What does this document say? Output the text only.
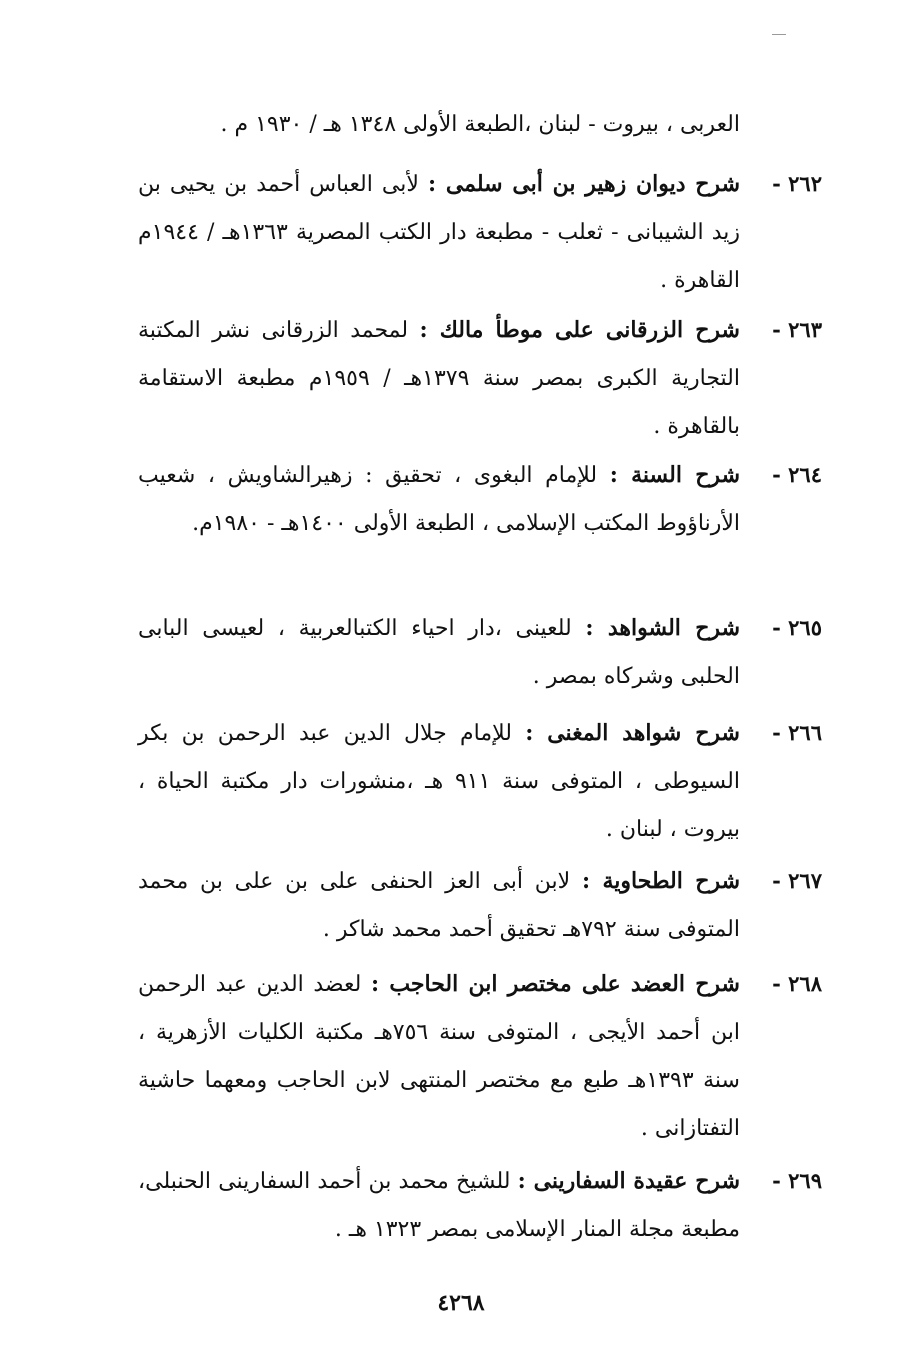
العربى ، بيروت - لبنان ،الطبعة الأولى ١٣٤٨ هـ / ١٩٣٠ م .
٢٦٢ -
شرح ديوان زهير بن أبى سلمى : لأبى العباس أحمد بن يحيى بن زيد الشيبانى - ثعلب - مطبعة دار الكتب المصرية ١٣٦٣هـ / ١٩٤٤م القاهرة .
٢٦٣ -
شرح الزرقانى على موطأ مالك : لمحمد الزرقانى نشر المكتبة التجارية الكبرى بمصر سنة ١٣٧٩هـ / ١٩٥٩م مطبعة الاستقامة بالقاهرة .
٢٦٤ -
شرح السنة : للإمام البغوى ، تحقيق : زهيرالشاويش ، شعيب الأرناؤوط المكتب الإسلامى ، الطبعة الأولى ١٤٠٠هـ - ١٩٨٠م.
٢٦٥ -
شرح الشواهد : للعينى ،دار احياء الكتبالعربية ، لعيسى البابى الحلبى وشركاه بمصر .
٢٦٦ -
شرح شواهد المغنى : للإمام جلال الدين عبد الرحمن بن بكر السيوطى ، المتوفى سنة ٩١١ هـ ،منشورات دار مكتبة الحياة ، بيروت ، لبنان .
٢٦٧ -
شرح الطحاوية : لابن أبى العز الحنفى على بن على بن محمد المتوفى سنة ٧٩٢هـ تحقيق أحمد محمد شاكر .
٢٦٨ -
شرح العضد على مختصر ابن الحاجب : لعضد الدين عبد الرحمن ابن أحمد الأيجى ، المتوفى سنة ٧٥٦هـ مكتبة الكليات الأزهرية ، سنة ١٣٩٣هـ طبع مع مختصر المنتهى لابن الحاجب ومعهما حاشية التفتازانى .
٢٦٩ -
شرح عقيدة السفارينى : للشيخ محمد بن أحمد السفارينى الحنبلى، مطبعة مجلة المنار الإسلامى بمصر ١٣٢٣ هـ .
٤٢٦٨
